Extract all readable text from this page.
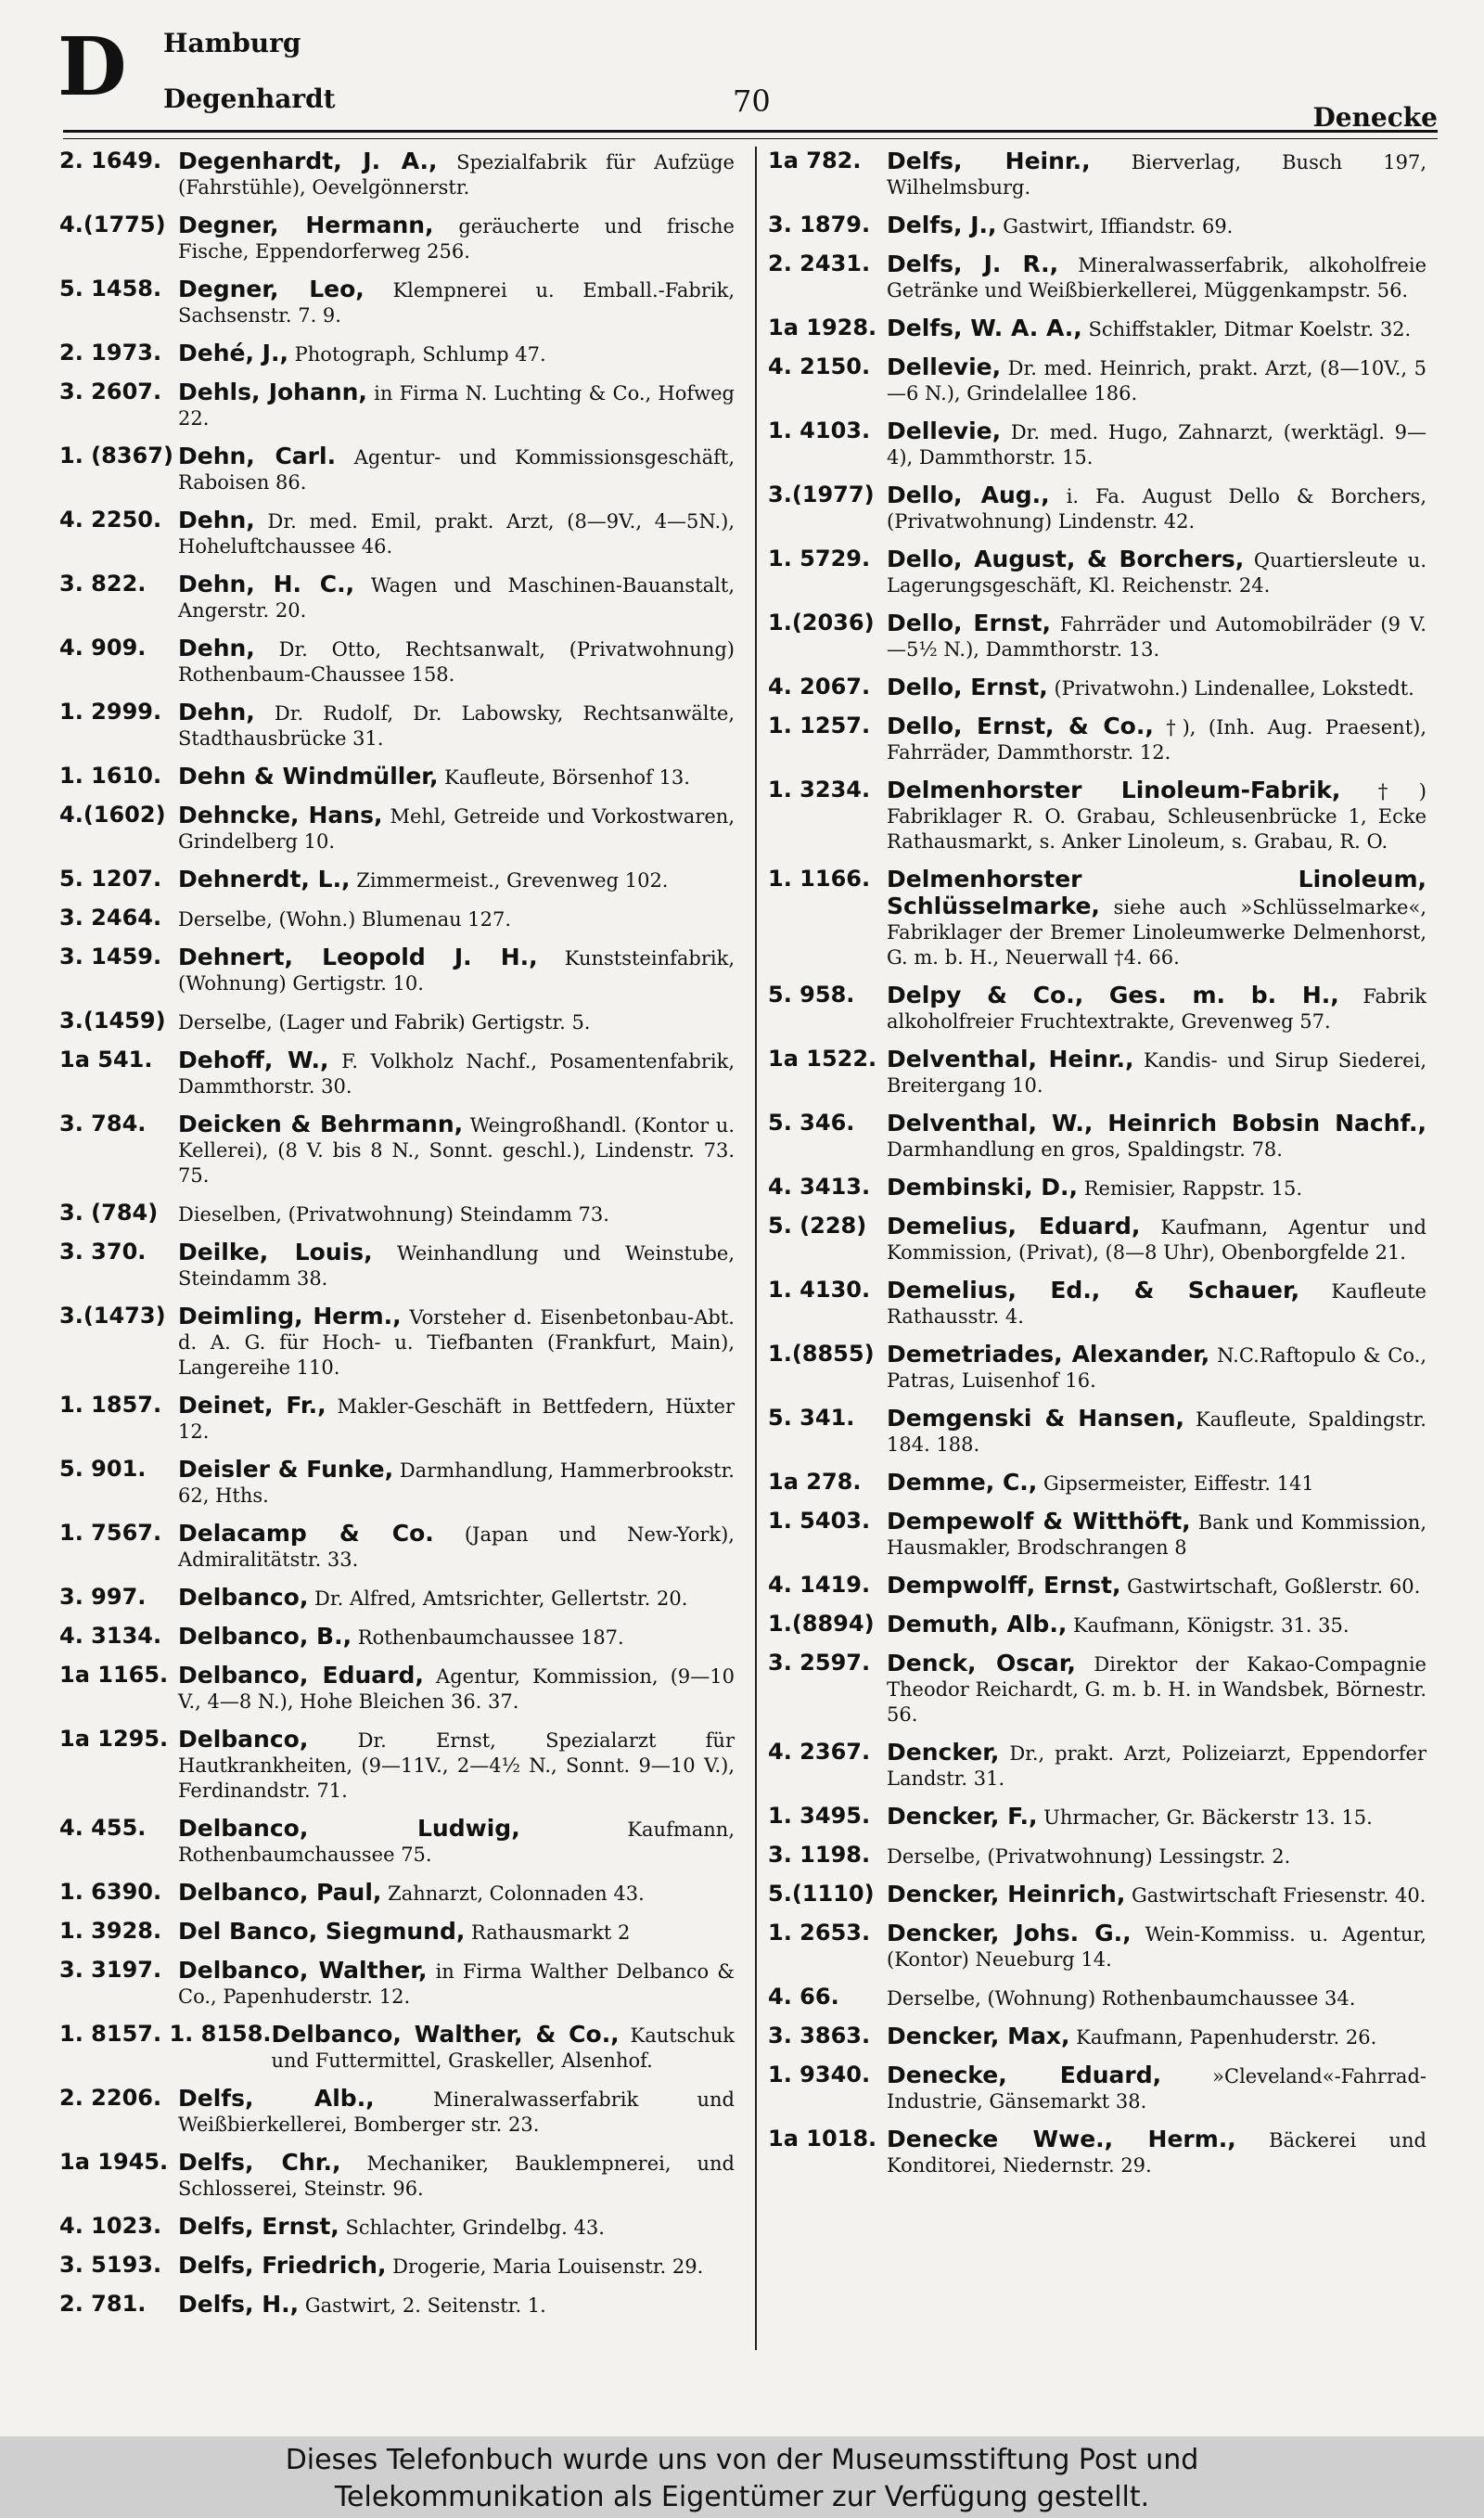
D Hamburg
Degenhardt	70	Denecke
2. 1649. Degenhardt, J. A., Spezialfabrik für Aufzüge (Fahrstühle), Oevelgönnerstr.
4.(1775) Degner, Hermann, geräucherte und frische Fische, Eppendorferweg 256.
5. 1458. Degner, Leo, Klempnerei u. Emball.-Fabrik, Sachsenstr. 7. 9.
2. 1973. Dehé, J., Photograph, Schlump 47.
3. 2607. Dehls, Johann, in Firma N. Luchting & Co., Hofweg 22.
1. (8367) Dehn, Carl. Agentur- und Kommissionsgeschäft, Raboisen 86.
4. 2250. Dehn, Dr. med. Emil, prakt. Arzt, (8—9V., 4—5N.), Hoheluftchaussee 46.
3. 822.	Dehn, H. C., Wagen und Maschinen-Bauanstalt, Angerstr. 20.
4. 909.	Dehn, Dr. Otto, Rechtsanwalt, (Privatwohnung) Rothenbaum-Chaussee 158.
1. 2999. Dehn, Dr. Rudolf, Dr. Labowsky, Rechtsanwälte, Stadthausbrücke 31.
1. 1610. Dehn & Windmüller, Kaufleute, Börsenhof 13.
4.(1602) Dehncke, Hans, Mehl, Getreide und Vorkostwaren, Grindelberg 10.
5. 1207. Dehnerdt, L., Zimmermeist., Grevenweg 102.
3. 2464. Derselbe, (Wohn.) Blumenau 127.
3. 1459. Dehnert, Leopold J. H., Kunststeinfabrik, (Wohnung) Gertigstr. 10.
3.(1459) Derselbe, (Lager und Fabrik) Gertigstr. 5.
1a 541.	Dehoff, W., F. Volkholz Nachf., Posamentenfabrik, Dammthorstr. 30.
3. 784.	Deicken & Behrmann, Weingroßhandl. (Kontor u. Kellerei), (8 V. bis 8 N., Sonnt. geschl.), Lindenstr. 73. 75.
3. (784)	Dieselben, (Privatwohnung) Steindamm 73.
3. 370.	Deilke, Louis, Weinhandlung und Weinstube, Steindamm 38.
3.(1473) Deimling, Herm., Vorsteher d. Eisenbetonbau-Abt. d. A. G. für Hoch- u. Tiefbanten (Frankfurt, Main), Langereihe 110.
1. 1857. Deinet, Fr., Makler-Geschäft in Bettfedern, Hüxter 12.
5. 901.	Deisler & Funke, Darmhandlung, Hammerbrookstr. 62, Hths.
1. 7567. Delacamp & Co. (Japan und New-York), Admiralitätstr. 33.
3. 997.	Delbanco, Dr. Alfred, Amtsrichter, Gellertstr. 20.
4. 3134. Delbanco, B., Rothenbaumchaussee 187.
1a 1165. Delbanco, Eduard, Agentur, Kommission, (9—10 V., 4—8 N.), Hohe Bleichen 36. 37.
1a 1295. Delbanco, Dr. Ernst, Spezialarzt für Hautkrankheiten, (9—11V., 2—4½ N., Sonnt. 9—10 V.), Ferdinandstr. 71.
4. 455.	Delbanco, Ludwig, Kaufmann, Rothenbaumchaussee 75.
1. 6390. Delbanco, Paul, Zahnarzt, Colonnaden 43.
1. 3928. Del Banco, Siegmund, Rathausmarkt 2
3. 3197. Delbanco, Walther, in Firma Walther Delbanco & Co., Papenhuderstr. 12.
1. 8157. 1. 8158. Delbanco, Walther, & Co., Kautschuk und Futtermittel, Graskeller, Alsenhof.
2. 2206. Delfs, Alb., Mineralwasserfabrik und Weißbierkellerei, Bomberger str. 23.
1a 1945. Delfs, Chr., Mechaniker, Bauklempnerei, und Schlosserei, Steinstr. 96.
4. 1023. Delfs, Ernst, Schlachter, Grindelbg. 43.
3. 5193. Delfs, Friedrich, Drogerie, Maria Louisenstr. 29.
2. 781.	Delfs, H., Gastwirt, 2. Seitenstr. 1.
1a 782.	Delfs, Heinr., Bierverlag, Busch 197, Wilhelmsburg.
3. 1879. Delfs, J., Gastwirt, Iffiandstr. 69.
2. 2431. Delfs, J. R., Mineralwasserfabrik, alkoholfreie Getränke und Weißbierkellerei, Müggenkampstr. 56.
1a 1928. Delfs, W. A. A., Schiffstakler, Ditmar Koelstr. 32.
4. 2150. Dellevie, Dr. med. Heinrich, prakt. Arzt, (8—10V., 5—6 N.), Grindelallee 186.
1. 4103. Dellevie, Dr. med. Hugo, Zahnarzt, (werktägl. 9—4), Dammthorstr. 15.
3.(1977) Dello, Aug., i. Fa. August Dello & Borchers, (Privatwohnung) Lindenstr. 42.
1. 5729. Dello, August, & Borchers, Quartiersleute u. Lagerungsgeschäft, Kl. Reichenstr. 24.
1.(2036) Dello, Ernst, Fahrräder und Automobilräder (9 V.—5½ N.), Dammthorstr. 13.
4. 2067. Dello, Ernst, (Privatwohn.) Lindenallee, Lokstedt.
1. 1257. Dello, Ernst, & Co., †), (Inh. Aug. Praesent), Fahrräder, Dammthorstr. 12.
1. 3234. Delmenhorster Linoleum-Fabrik, †) Fabriklager R. O. Grabau, Schleusenbrücke 1, Ecke Rathausmarkt, s. Anker Linoleum, s. Grabau, R. O.
1. 1166. Delmenhorster Linoleum, Schlüsselmarke, siehe auch »Schlüsselmarke«, Fabriklager der Bremer Linoleumwerke Delmenhorst, G. m. b. H., Neuerwall †4. 66.
5. 958.	Delpy & Co., Ges. m. b. H., Fabrik alkoholfreier Fruchtextrakte, Grevenweg 57.
1a 1522. Delventhal, Heinr., Kandis- und Sirup Siederei, Breitergang 10.
5. 346.	Delventhal, W., Heinrich Bobsin Nachf., Darmhandlung en gros, Spaldingstr. 78.
4. 3413. Dembinski, D., Remisier, Rappstr. 15.
5. (228) Demelius, Eduard, Kaufmann, Agentur und Kommission, (Privat), (8—8 Uhr), Obenborgfelde 21.
1. 4130. Demelius, Ed., & Schauer, Kaufleute Rathausstr. 4.
1.(8855) Demetriades, Alexander, N.C.Raftopulo & Co., Patras, Luisenhof 16.
5. 341.	Demgenski & Hansen, Kaufleute, Spaldingstr. 184. 188.
1a 278.	Demme, C., Gipsermeister, Eiffestr. 141
1. 5403. Dempewolf & Witthöft, Bank und Kommission, Hausmakler, Brodschrangen 8
4. 1419. Dempwolff, Ernst, Gastwirtschaft, Goßlerstr. 60.
1.(8894) Demuth, Alb., Kaufmann, Königstr. 31. 35.
3. 2597. Denck, Oscar, Direktor der Kakao-Compagnie Theodor Reichardt, G. m. b. H. in Wandsbek, Börnestr. 56.
4. 2367. Dencker, Dr., prakt. Arzt, Polizeiarzt, Eppendorfer Landstr. 31.
1. 3495. Dencker, F., Uhrmacher, Gr. Bäckerstr 13. 15.
3. 1198. Derselbe, (Privatwohnung) Lessingstr. 2.
5.(1110) Dencker, Heinrich, Gastwirtschaft Friesenstr. 40.
1. 2653. Dencker, Johs. G., Wein-Kommiss. u. Agentur, (Kontor) Neueburg 14.
4. 66.	Derselbe, (Wohnung) Rothenbaumchaussee 34.
3. 3863. Dencker, Max, Kaufmann, Papenhuderstr. 26.
1. 9340. Denecke, Eduard, »Cleveland«-Fahrrad-Industrie, Gänsemarkt 38.
1a 1018. Denecke Wwe., Herm., Bäckerei und Konditorei, Niedernstr. 29.
Dieses Telefonbuch wurde uns von der Museumsstiftung Post und
Telekommunikation als Eigentümer zur Verfügung gestellt.
